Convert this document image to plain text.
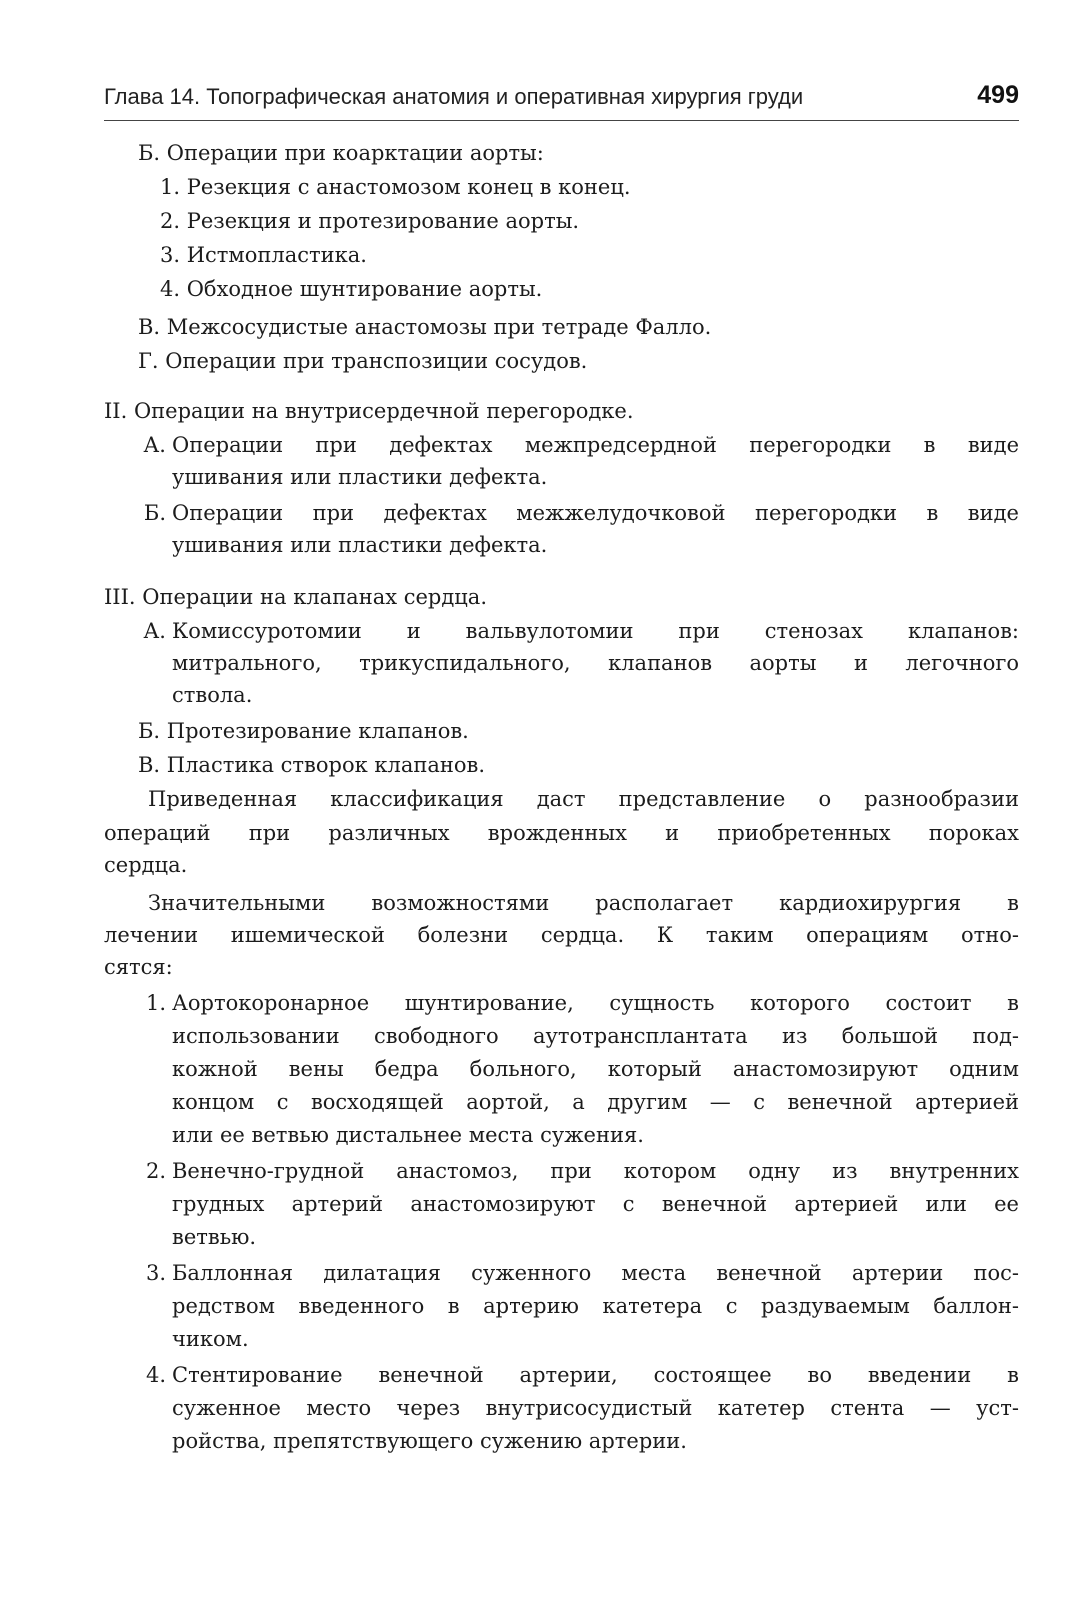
Глава 14. Топографическая анатомия и оперативная хирургия груди	499
Б. Операции при коарктации аорты:
1. Резекция с анастомозом конец в конец.
2. Резекция и протезирование аорты.
3. Истмопластика.
4. Обходное шунтирование аорты.
В. Межсосудистые анастомозы при тетраде Фалло.
Г. Операции при транспозиции сосудов.
II. Операции на внутрисердечной перегородке.
А. Операции при дефектах межпредсердной перегородки в виде
ушивания или пластики дефекта.
Б. Операции при дефектах межжелудочковой перегородки в виде
ушивания или пластики дефекта.
III. Операции на клапанах сердца.
А. Комиссуротомии и вальвулотомии при стенозах клапанов:
митрального, трикуспидального, клапанов аорты и легочного
ствола.
Б. Протезирование клапанов.
В. Пластика створок клапанов.
Приведенная классификация даст представление о разнообразии
операций при различных врожденных и приобретенных пороках
сердца.
Значительными возможностями располагает кардиохирургия в
лечении ишемической болезни сердца. К таким операциям отно-
сятся:
1. Аортокоронарное шунтирование, сущность которого состоит в
использовании свободного аутотрансплантата из большой под-
кожной вены бедра больного, который анастомозируют одним
концом с восходящей аортой, а другим — с венечной артерией
или ее ветвью дистальнее места сужения.
2. Венечно-грудной анастомоз, при котором одну из внутренних
грудных артерий анастомозируют с венечной артерией или ее
ветвью.
3. Баллонная дилатация суженного места венечной артерии пос-
редством введенного в артерию катетера с раздуваемым баллон-
чиком.
4. Стентирование венечной артерии, состоящее во введении в
суженное место через внутрисосудистый катетер стента — уст-
ройства, препятствующего сужению артерии.
